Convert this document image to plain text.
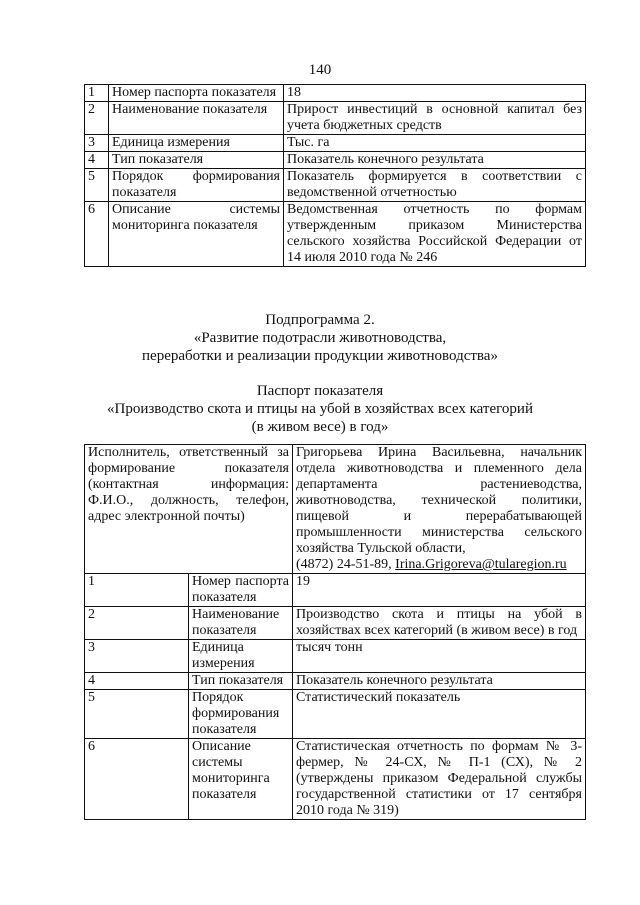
140
1	Номер паспорта показателя	18
2	Наименование показателя	Прирост инвестиций в основной капитал без учета бюджетных средств
3	Единица измерения	Тыс. га
4	Тип показателя	Показатель конечного результата
5	Порядок формирования показателя	Показатель формируется в соответствии с ведомственной отчетностью
6	Описание системы мониторинга показателя	Ведомственная отчетность по формам утвержденным приказом Министерства сельского хозяйства Российской Федерации от 14 июля 2010 года № 246
Подпрограмма 2.
«Развитие подотрасли животноводства,
переработки и реализации продукции животноводства»
Паспорт показателя
«Производство скота и птицы на убой в хозяйствах всех категорий
(в живом весе) в год»
Исполнитель, ответственный за формирование показателя (контактная информация: Ф.И.О., должность, телефон, адрес электронной почты)		Григорьева Ирина Васильевна, начальник отдела животноводства и племенного дела департамента растениеводства, животноводства, технической политики, пищевой и перерабатывающей промышленности министерства сельского хозяйства Тульской области,
(4872) 24-51-89, Irina.Grigoreva@tularegion.ru
1	Номер паспорта показателя	19
2	Наименование показателя	Производство скота и птицы на убой в хозяйствах всех категорий (в живом весе) в год
3	Единица измерения	тысяч тонн
4	Тип показателя	Показатель конечного результата
5	Порядок формирования показателя	Статистический показатель
6	Описание системы мониторинга показателя	Статистическая отчетность по формам № 3-фермер, № 24-СХ, № П-1 (СХ), № 2 (утверждены приказом Федеральной службы государственной статистики от 17 сентября 2010 года № 319)
